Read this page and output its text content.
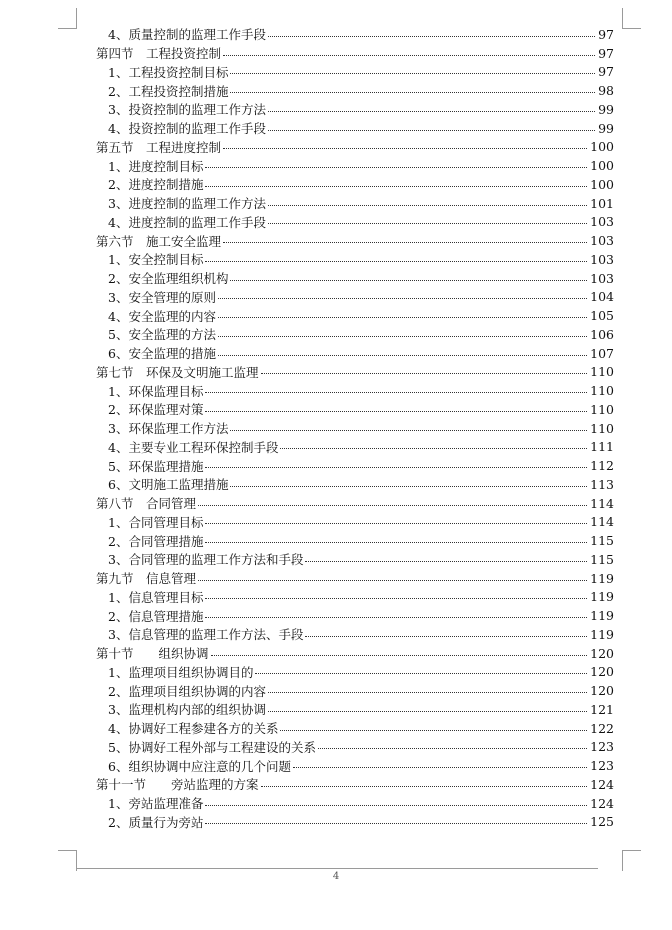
4、质量控制的监理工作手段	97
第四节　工程投资控制	97
1、工程投资控制目标	97
2、工程投资控制措施	98
3、投资控制的监理工作方法	99
4、投资控制的监理工作手段	99
第五节　工程进度控制	100
1、进度控制目标	100
2、进度控制措施	100
3、进度控制的监理工作方法	101
4、进度控制的监理工作手段	103
第六节　施工安全监理	103
1、安全控制目标	103
2、安全监理组织机构	103
3、安全管理的原则	104
4、安全监理的内容	105
5、安全监理的方法	106
6、安全监理的措施	107
第七节　环保及文明施工监理	110
1、环保监理目标	110
2、环保监理对策	110
3、环保监理工作方法	110
4、主要专业工程环保控制手段	111
5、环保监理措施	112
6、文明施工监理措施	113
第八节　合同管理	114
1、合同管理目标	114
2、合同管理措施	115
3、合同管理的监理工作方法和手段	115
第九节　信息管理	119
1、信息管理目标	119
2、信息管理措施	119
3、信息管理的监理工作方法、手段	119
第十节　　组织协调	120
1、监理项目组织协调目的	120
2、监理项目组织协调的内容	120
3、监理机构内部的组织协调	121
4、协调好工程参建各方的关系	122
5、协调好工程外部与工程建设的关系	123
6、组织协调中应注意的几个问题	123
第十一节　　旁站监理的方案	124
1、旁站监理准备	124
2、质量行为旁站	125
4
